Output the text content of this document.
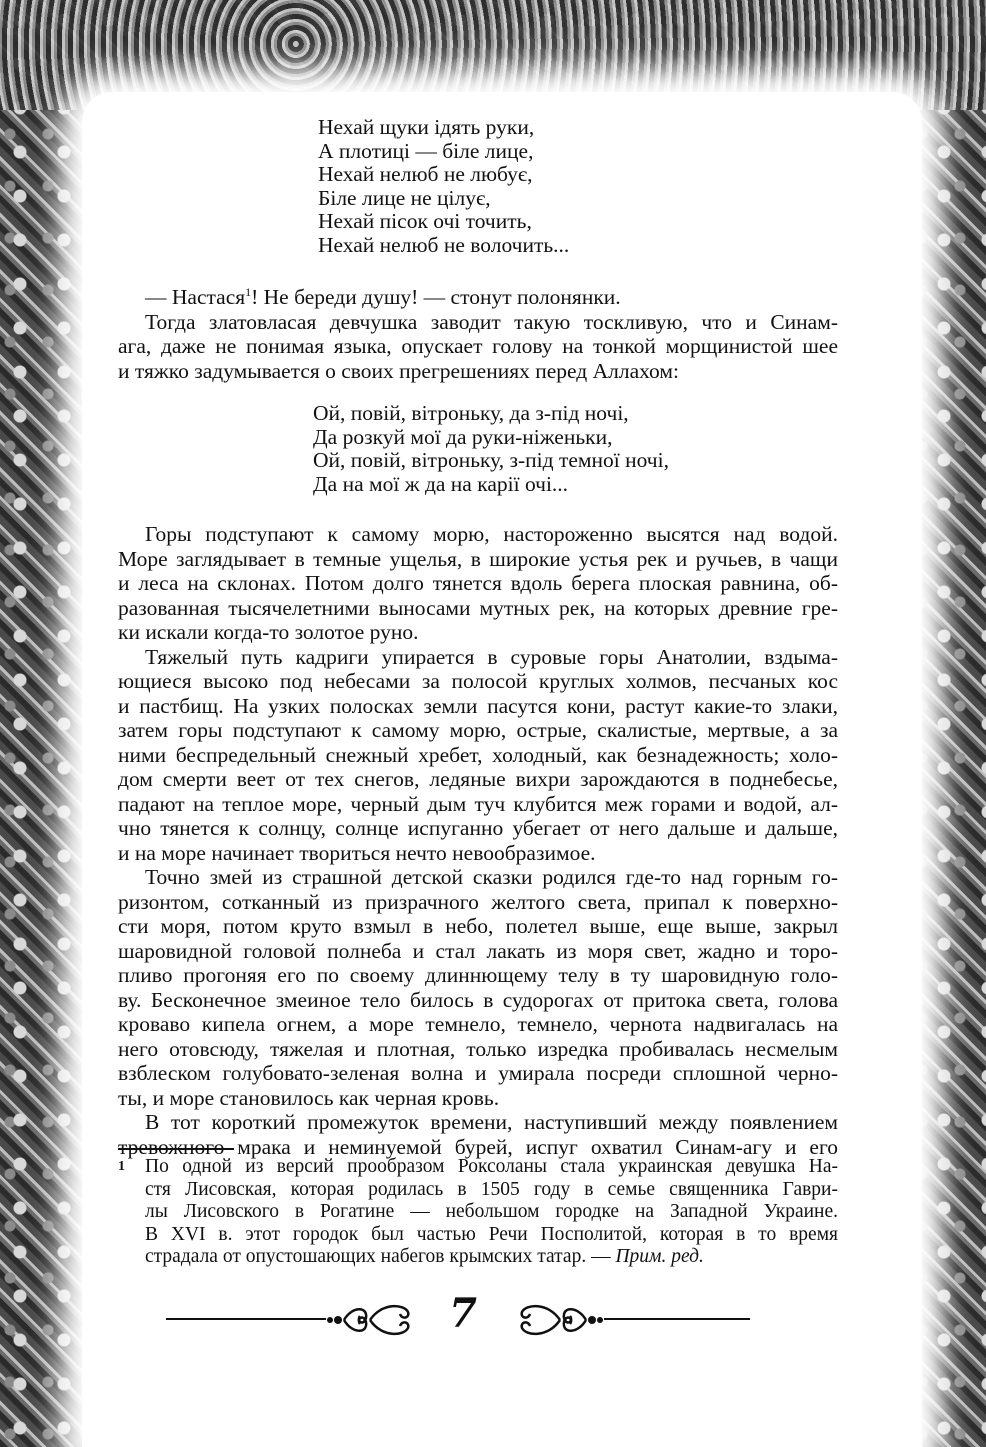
Нехай щуки ідять руки,
А плотиці — біле лице,
Нехай нелюб не любує,
Біле лице не цілує,
Нехай пісок очі точить,
Нехай нелюб не волочить...

— Настася$^1$! Не береди душу! — стонут полонянки.

Тогда златовласая девчушка заводит такую тоскливую, что и Синам-

ага, даже не понимая языка, опускает голову на тонкой морщинистой шее
и тяжко задумывается о своих прегрешениях перед Аллахом:

Ой, повій, вітроньку, да з-під ночі,
Да розкуй мої да руки-ніженьки,
Ой, повій, вітроньку, з-під темної ночі,
Да на мої ж да на карії очі...

Горы подступают к самому морю, настороженно высятся над водой.

Море заглядывает в темные ущелья, в широкие устья рек и ручьев, в чащи
и леса на склонах. Потом долго тянется вдоль берега плоская равнина, об-
разованная тысячелетними выносами мутных рек, на которых древние гре-
ки искали когда-то золотое руно.

Тяжелый путь кадриги упирается в суровые горы Анатолии, вздыма-

ющиеся высоко под небесами за полосой круглых холмов, песчаных кос
и пастбищ. На узких полосках земли пасутся кони, растут какие-то злаки,
затем горы подступают к самому морю, острые, скалистые, мертвые, а за
ними беспредельный снежный хребет, холодный, как безнадежность; холо-
дом смерти веет от тех снегов, ледяные вихри зарождаются в поднебесье,
падают на теплое море, черный дым туч клубится меж горами и водой, ал-
чно тянется к солнцу, солнце испуганно убегает от него дальше и дальше,
и на море начинает твориться нечто невообразимое.

Точно змей из страшной детской сказки родился где-то над горным го-

ризонтом, сотканный из призрачного желтого света, припал к поверхно-
сти моря, потом круто взмыл в небо, полетел выше, еще выше, закрыл
шаровидной головой полнеба и стал лакать из моря свет, жадно и торо-
пливо прогоняя его по своему длиннющему телу в ту шаровидную голо-
ву. Бесконечное змеиное тело билось в судорогах от притока света, голова
кроваво кипела огнем, а море темнело, темнело, чернота надвигалась на
него отовсюду, тяжелая и плотная, только изредка пробивалась несмелым
взблеском голубовато-зеленая волна и умирала посреди сплошной черно-
ты, и море становилось как черная кровь.

В тот короткий промежуток времени, наступивший между появлением

тревожного мрака и неминуемой бурей, испуг охватил Синам-агу и его

1 По одной из версий прообразом Роксоланы стала украинская девушка На-
стя Лисовская, которая родилась в 1505 году в семье священника Гаври-
лы Лисовского в Рогатине — небольшом городке на Западной Украине.
В XVI в. этот городок был частью Речи Посполитой, которая в то время
страдала от опустошающих набегов крымских татар. — Прим. ред.
7
